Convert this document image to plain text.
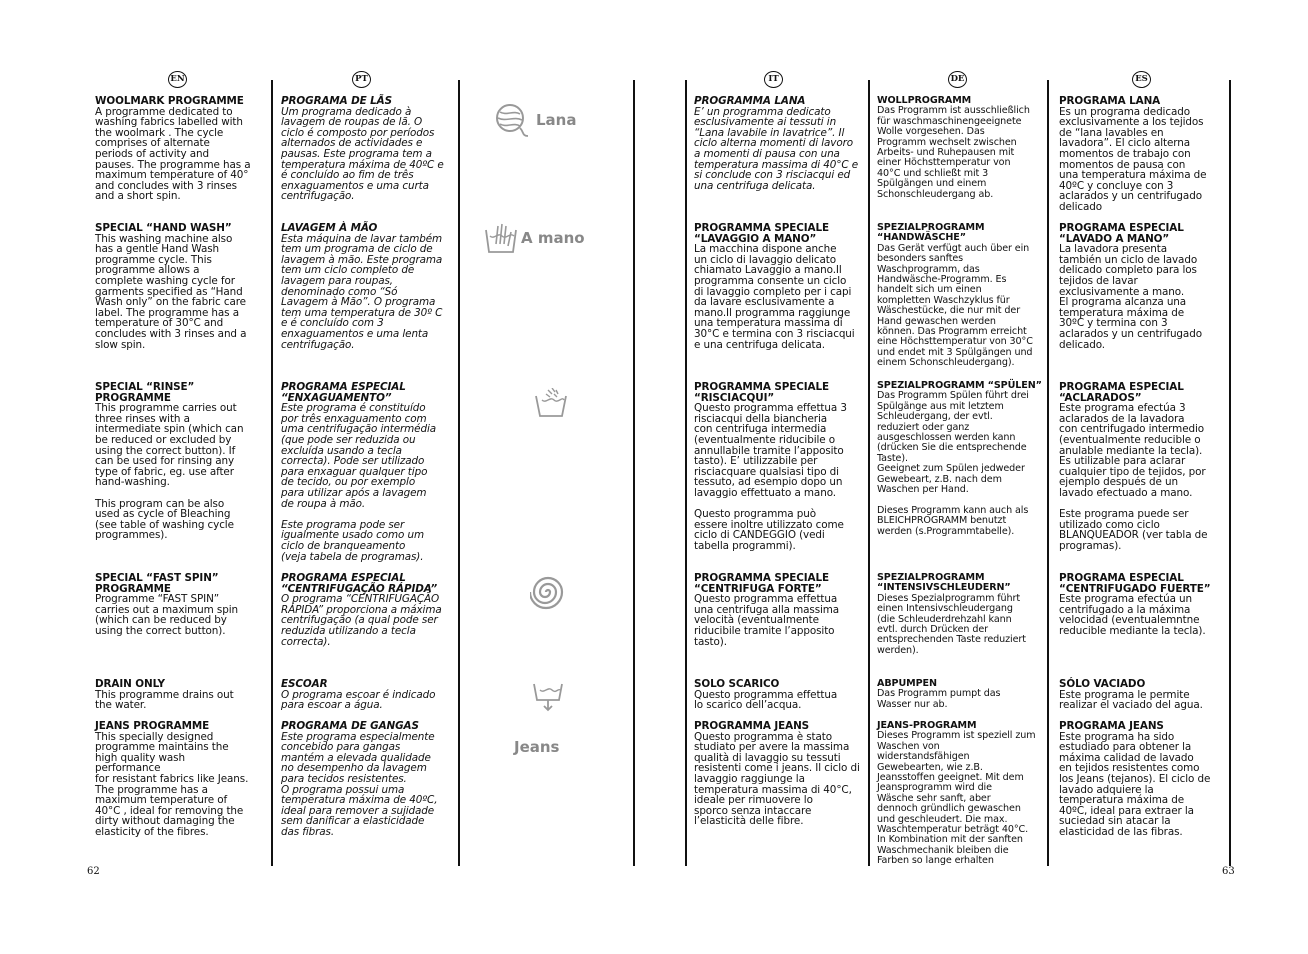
EN	PT	IT	DE	ES
WOOLMARK PROGRAMME
A programme dedicated to
washing fabrics labelled with
the woolmark . The cycle
comprises of alternate
periods of activity and
pauses. The programme has a
maximum temperature of 40°
and concludes with 3 rinses
and a short spin.
SPECIAL “HAND WASH”
This washing machine also
has a gentle Hand Wash
programme cycle. This
programme allows a
complete washing cycle for
garments specified as “Hand
Wash only” on the fabric care
label. The programme has a
temperature of 30°C and
concludes with 3 rinses and a
slow spin.
SPECIAL “RINSE” PROGRAMME
This programme carries out
three rinses with a
intermediate spin (which can
be reduced or excluded by
using the correct button). If
can be used for rinsing any
type of fabric, eg. use after
hand-washing.

This program can be also
used as cycle of Bleaching
(see table of washing cycle
programmes).
SPECIAL “FAST SPIN”
PROGRAMME
Programme “FAST SPIN”
carries out a maximum spin
(which can be reduced by
using the correct button).
DRAIN ONLY
This programme drains out
the water.
JEANS PROGRAMME
This specially designed
programme maintains the
high quality wash
performance
for resistant fabrics like Jeans.
The programme has a
maximum temperature of
40°C , ideal for removing the
dirty without damaging the
elasticity of the fibres.
PROGRAMA DE LÃS
Um programa dedicado à
lavagem de roupas de lã. O
ciclo é composto por períodos
alternados de actividades e
pausas. Este programa tem a
temperatura máxima de 40ºC e
é concluído ao fim de três
enxaguamentos e uma curta
centrifugação.
LAVAGEM À MÃO
Esta máquina de lavar também
tem um programa de ciclo de
lavagem à mão. Este programa
tem um ciclo completo de
lavagem para roupas,
denominado como “Só
Lavagem à Mão”. O programa
tem uma temperatura de 30º C
e é concluído com 3
enxaguamentos e uma lenta
centrifugação.
PROGRAMA ESPECIAL
“ENXAGUAMENTO”
Este programa é constituído
por três enxaguamento com
uma centrifugação intermédia
(que pode ser reduzida ou
excluída usando a tecla
correcta). Pode ser utilizado
para enxaguar qualquer tipo
de tecido, ou por exemplo
para utilizar após a lavagem
de roupa à mão.

Este programa pode ser
igualmente usado como um
ciclo de branqueamento
(veja tabela de programas).
PROGRAMA ESPECIAL
“CENTRIFUGAÇÃO RÁPIDA”
O programa “CENTRIFUGAÇÃO
RÁPIDA” proporciona a máxima
centrifugação (a qual pode ser
reduzida utilizando a tecla
correcta).
ESCOAR
O programa escoar é indicado
para escoar a água.
PROGRAMA DE GANGAS
Este programa especialmente
concebido para gangas
mantém a elevada qualidade
no desempenho da lavagem
para tecidos resistentes.
O programa possui uma
temperatura máxima de 40ºC,
ideal para remover a sujidade
sem danificar a elasticidade
das fibras.
PROGRAMMA LANA
E’ un programma dedicato
esclusivamente ai tessuti in
“Lana lavabile in lavatrice”. Il
ciclo alterna momenti di lavoro
a momenti di pausa con una
temperatura massima di 40°C e
si conclude con 3 risciacqui ed
una centrifuga delicata.
PROGRAMMA SPECIALE
“LAVAGGIO A MANO”
La macchina dispone anche
un ciclo di lavaggio delicato
chiamato Lavaggio a mano.Il
programma consente un ciclo
di lavaggio completo per i capi
da lavare esclusivamente a
mano.Il programma raggiunge
una temperatura massima di
30°C e termina con 3 risciacqui
e una centrifuga delicata.
PROGRAMMA SPECIALE
“RISCIACQUI”
Questo programma effettua 3
risciacqui della biancheria
con centrifuga intermedia
(eventualmente riducibile o
annullabile tramite l’apposito
tasto). E’ utilizzabile per
risciacquare qualsiasi tipo di
tessuto, ad esempio dopo un
lavaggio effettuato a mano.

Questo programma può
essere inoltre utilizzato come
ciclo di CANDEGGIO (vedi
tabella programmi).
PROGRAMMA SPECIALE
“CENTRIFUGA FORTE”
Questo programma effettua
una centrifuga alla massima
velocità (eventualmente
riducibile tramite l’apposito
tasto).
SOLO SCARICO
Questo programma effettua
lo scarico dell’acqua.
PROGRAMMA JEANS
Questo programma è stato
studiato per avere la massima
qualità di lavaggio su tessuti
resistenti come i jeans. Il ciclo di
lavaggio raggiunge la
temperatura massima di 40°C,
ideale per rimuovere lo
sporco senza intaccare
l’elasticità delle fibre.
WOLLPROGRAMM
Das Programm ist ausschließlich
für waschmaschinengeeignete
Wolle vorgesehen. Das
Programm wechselt zwischen
Arbeits- und Ruhepausen mit
einer Höchsttemperatur von
40°C und schließt mit 3
Spülgängen und einem
Schonschleudergang ab.
SPEZIALPROGRAMM
“HANDWÄSCHE”
Das Gerät verfügt auch über ein
besonders sanftes
Waschprogramm, das
Handwäsche-Programm. Es
handelt sich um einen
kompletten Waschzyklus für
Wäschestücke, die nur mit der
Hand gewaschen werden
können. Das Programm erreicht
eine Höchsttemperatur von 30°C
und endet mit 3 Spülgängen und
einem Schonschleudergang).
SPEZIALPROGRAMM “SPÜLEN”
Das Programm Spülen führt drei
Spülgänge aus mit letztem
Schleudergang, der evtl.
reduziert oder ganz
ausgeschlossen werden kann
(drücken Sie die entsprechende
Taste).
Geeignet zum Spülen jedweder
Gewebeart, z.B. nach dem
Waschen per Hand.

Dieses Programm kann auch als
BLEICHPROGRAMM benutzt
werden (s.Programmtabelle).
SPEZIALPROGRAMM
“INTENSIVSCHLEUDERN”
Dieses Spezialprogramm führt
einen Intensivschleudergang
(die Schleuderdrehzahl kann
evtl. durch Drücken der
entsprechenden Taste reduziert
werden).
ABPUMPEN
Das Programm pumpt das
Wasser nur ab.
JEANS-PROGRAMM
Dieses Programm ist speziell zum
Waschen von
widerstandsfähigen
Gewebearten, wie z.B.
Jeansstoffen geeignet. Mit dem
Jeansprogramm wird die
Wäsche sehr sanft, aber
dennoch gründlich gewaschen
und geschleudert. Die max.
Waschtemperatur beträgt 40°C.
In Kombination mit der sanften
Waschmechanik bleiben die
Farben so lange erhalten
PROGRAMA LANA
Es un programa dedicado
exclusivamente a los tejidos
de “lana lavables en
lavadora”. El ciclo alterna
momentos de trabajo con
momentos de pausa con
una temperatura máxima de
40ºC y concluye con 3
aclarados y un centrifugado
delicado
PROGRAMA ESPECIAL
“LAVADO A MANO”
La lavadora presenta
también un ciclo de lavado
delicado completo para los
tejidos de lavar
exclusivamente a mano.
El programa alcanza una
temperatura máxima de
30ºC y termina con 3
aclarados y un centrifugado
delicado.
PROGRAMA ESPECIAL
“ACLARADOS”
Este programa efectúa 3
aclarados de la lavadora
con centrifugado intermedio
(eventualmente reducible o
anulable mediante la tecla).
Es utilizable para aclarar
cualquier tipo de tejidos, por
ejemplo después de un
lavado efectuado a mano.

Este programa puede ser
utilizado como ciclo
BLANQUEADOR (ver tabla de
programas).
PROGRAMA ESPECIAL
“CENTRIFUGADO FUERTE”
Este programa efectúa un
centrifugado a la máxima
velocidad (eventualemntne
reducible mediante la tecla).
SÓLO VACIADO
Este programa le permite
realizar el vaciado del agua.
PROGRAMA JEANS
Este programa ha sido
estudiado para obtener la
máxima calidad de lavado
en tejidos resistentes como
los Jeans (tejanos). El ciclo de
lavado adquiere la
temperatura máxima de
40ºC, ideal para extraer la
suciedad sin atacar la
elasticidad de las fibras.
Lana
A mano
Jeans
62	63
